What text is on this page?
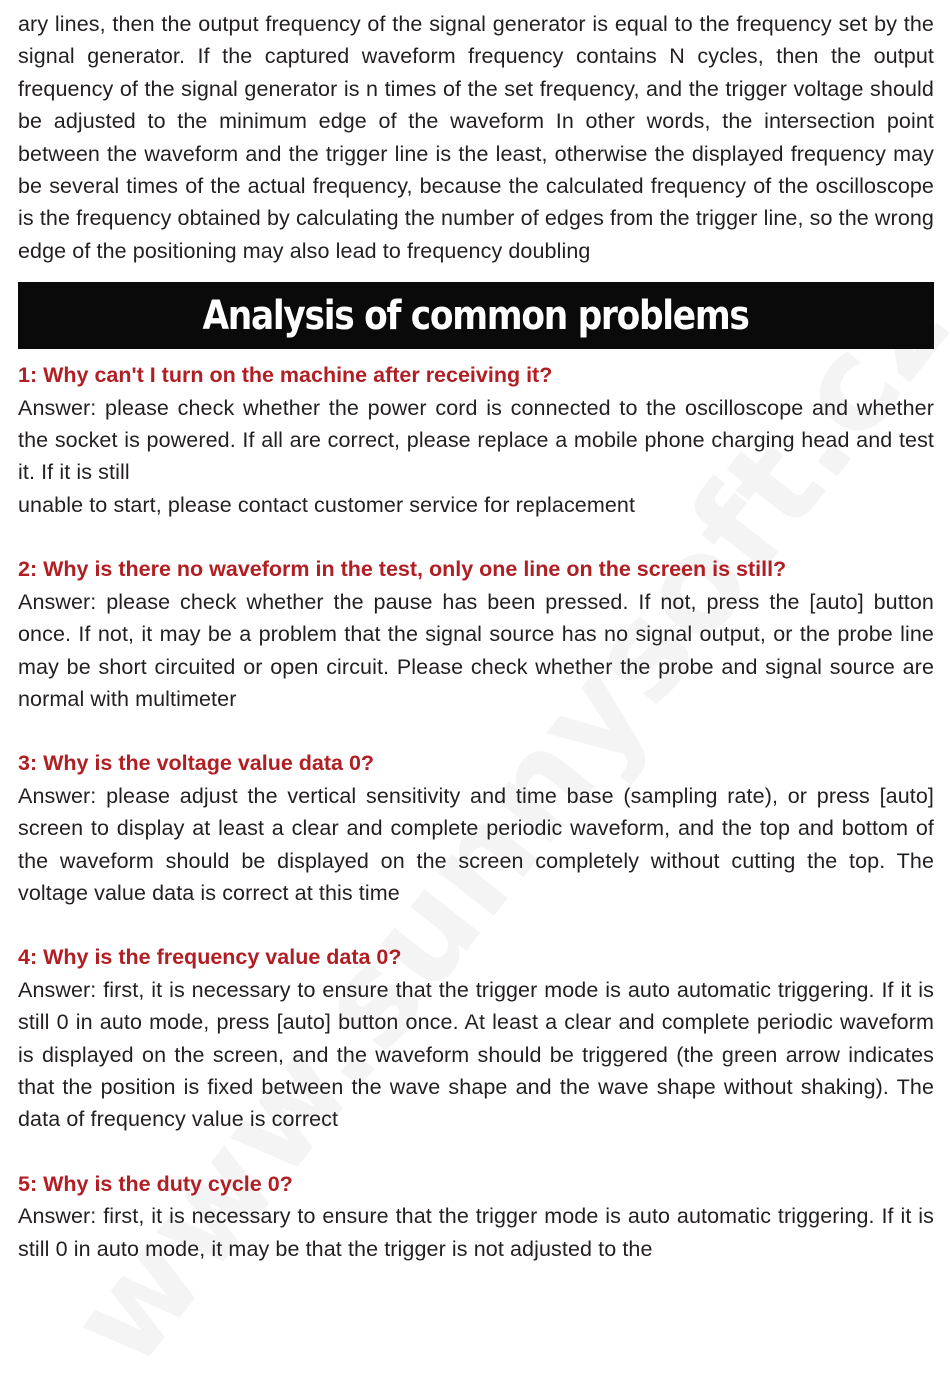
ary lines, then the output frequency of the signal generator is equal to the frequency set by the signal generator. If the captured waveform frequency contains N cycles, then the output frequency of the signal generator is n times of the set frequency, and the trigger voltage should be adjusted to the minimum edge of the waveform In other words, the intersection point between the waveform and the trigger line is the least, otherwise the displayed frequency may be several times of the actual frequency, because the calculated frequency of the oscilloscope is the frequency obtained by calculating the number of edges from the trigger line, so the wrong edge of the positioning may also lead to frequency doubling

Analysis of common problems

1: Why can't I turn on the machine after receiving it?

Answer: please check whether the power cord is connected to the oscilloscope and whether the socket is powered. If all are correct, please replace a mobile phone charging head and test it. If it is still
unable to start, please contact customer service for replacement

2: Why is there no waveform in the test, only one line on the screen is still?

Answer: please check whether the pause has been pressed. If not, press the [auto] button once. If not, it may be a problem that the signal source has no signal output, or the probe line may be short circuited or open circuit. Please check whether the probe and signal source are normal with multimeter

3: Why is the voltage value data 0?

Answer: please adjust the vertical sensitivity and time base (sampling rate), or press [auto] screen to display at least a clear and complete periodic waveform, and the top and bottom of the waveform should be displayed on the screen completely without cutting the top. The voltage value data is correct at this time

4: Why is the frequency value data 0?

Answer: first, it is necessary to ensure that the trigger mode is auto automatic triggering. If it is still 0 in auto mode, press [auto] button once. At least a clear and complete periodic waveform is displayed on the screen, and the waveform should be triggered (the green arrow indicates that the position is fixed between the wave shape and the wave shape without shaking). The data of frequency value is correct

5: Why is the duty cycle 0?

Answer: first, it is necessary to ensure that the trigger mode is auto automatic triggering. If it is still 0 in auto mode, it may be that the trigger is not adjusted to the
